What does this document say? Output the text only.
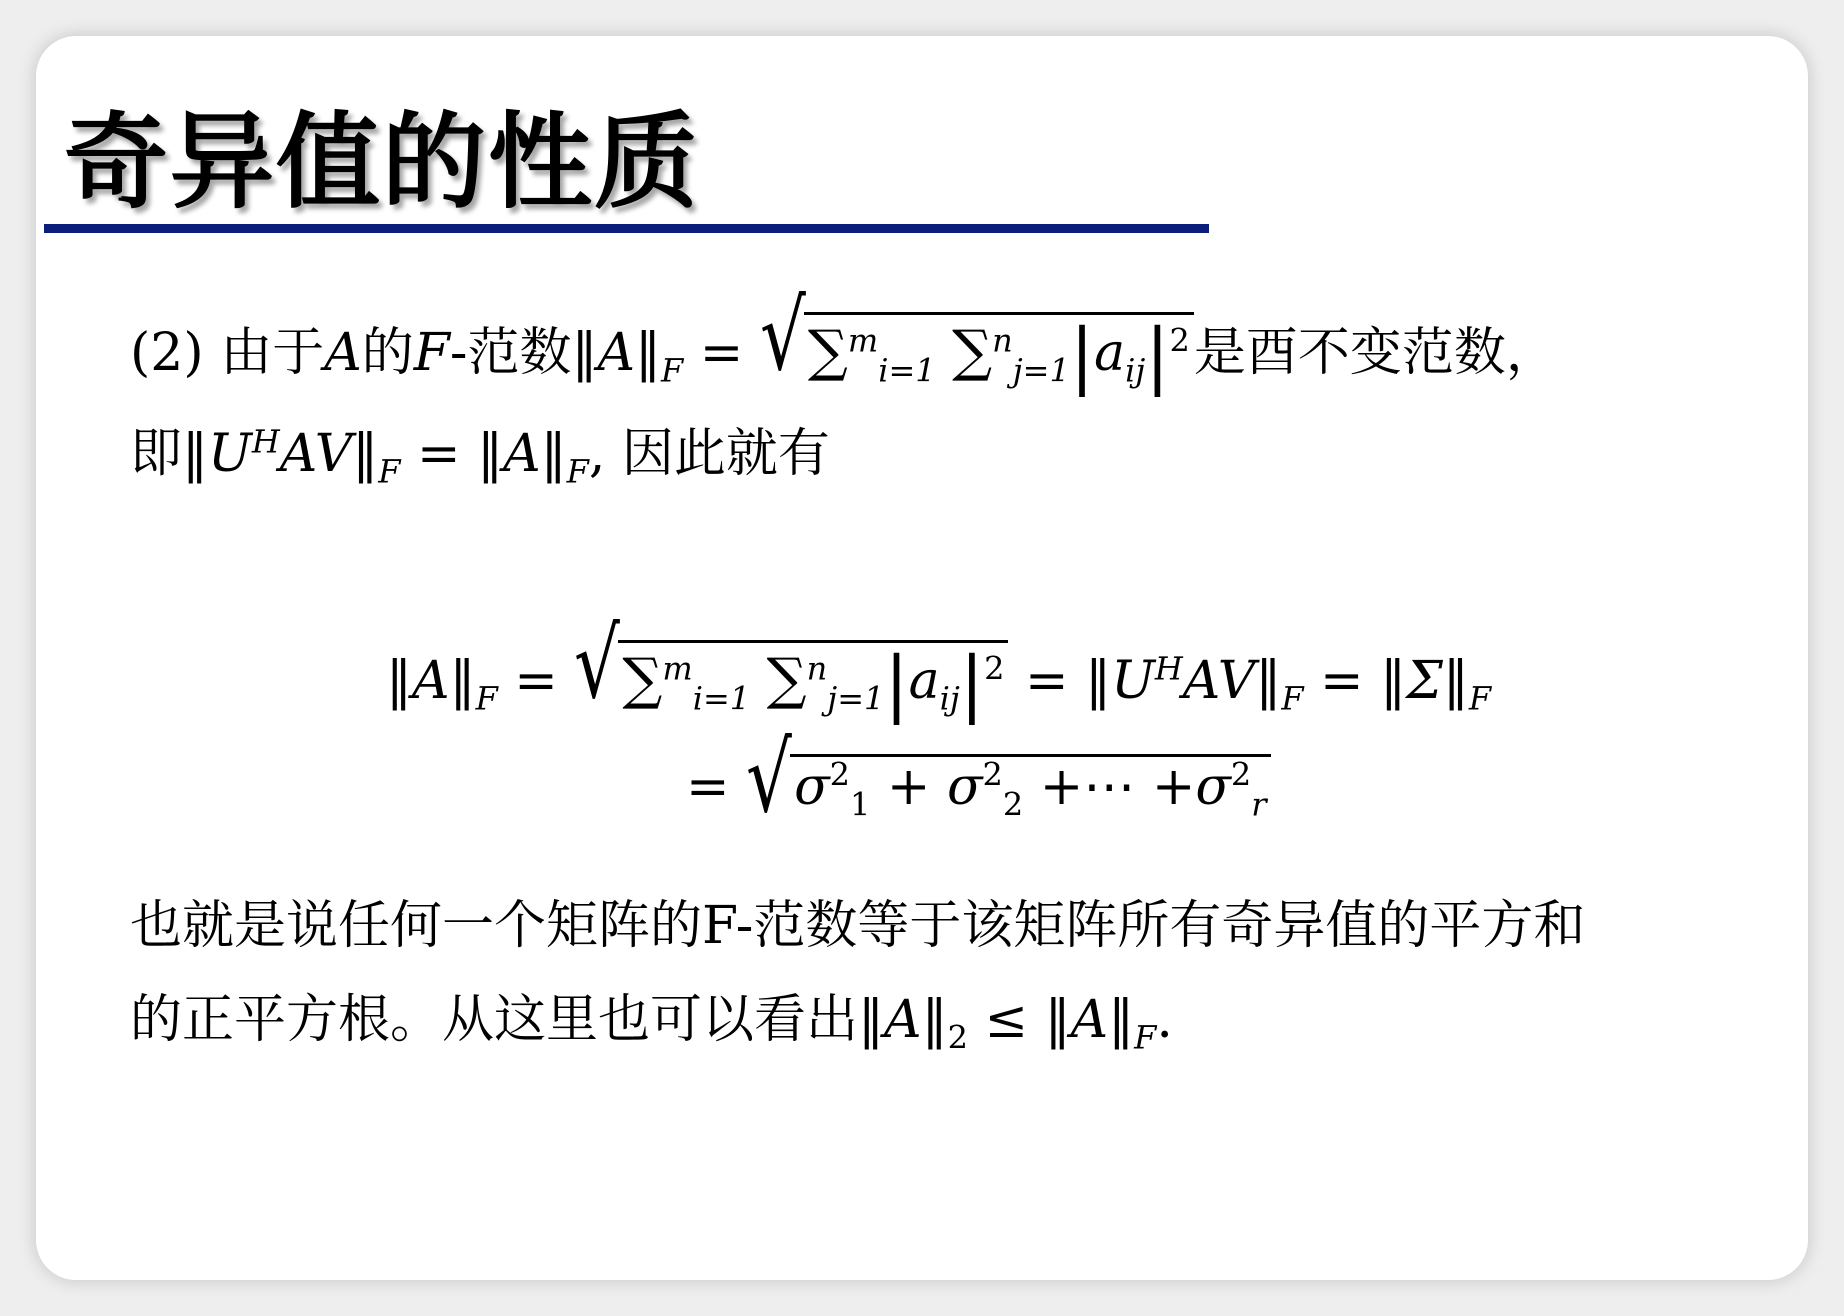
奇异值的性质
(2) 由于A的F-范数$‖A‖_F$ = √ ∑$^m_{i=1}$ $\sum^n_{j=1}|a_{ij}|^2$是酉不变范数，
即$‖U^HAV‖_F$ = $‖A‖_F$, 因此就有
$‖A‖_F$ = √ ∑$^m_{i=1}$ $\sum^n_{j=1}|a_{ij}|^2$ = $‖U^HAV‖_F$ = $‖\Sigma‖_F$
= √ $\sigma^2_1 + \sigma^2_2$ +⋯ $+\sigma^2_r$
也就是说任何一个矩阵的F-范数等于该矩阵所有奇异值的平方和
的正平方根。从这里也可以看出$‖A‖_2$ ≤ $‖A‖_F$.
